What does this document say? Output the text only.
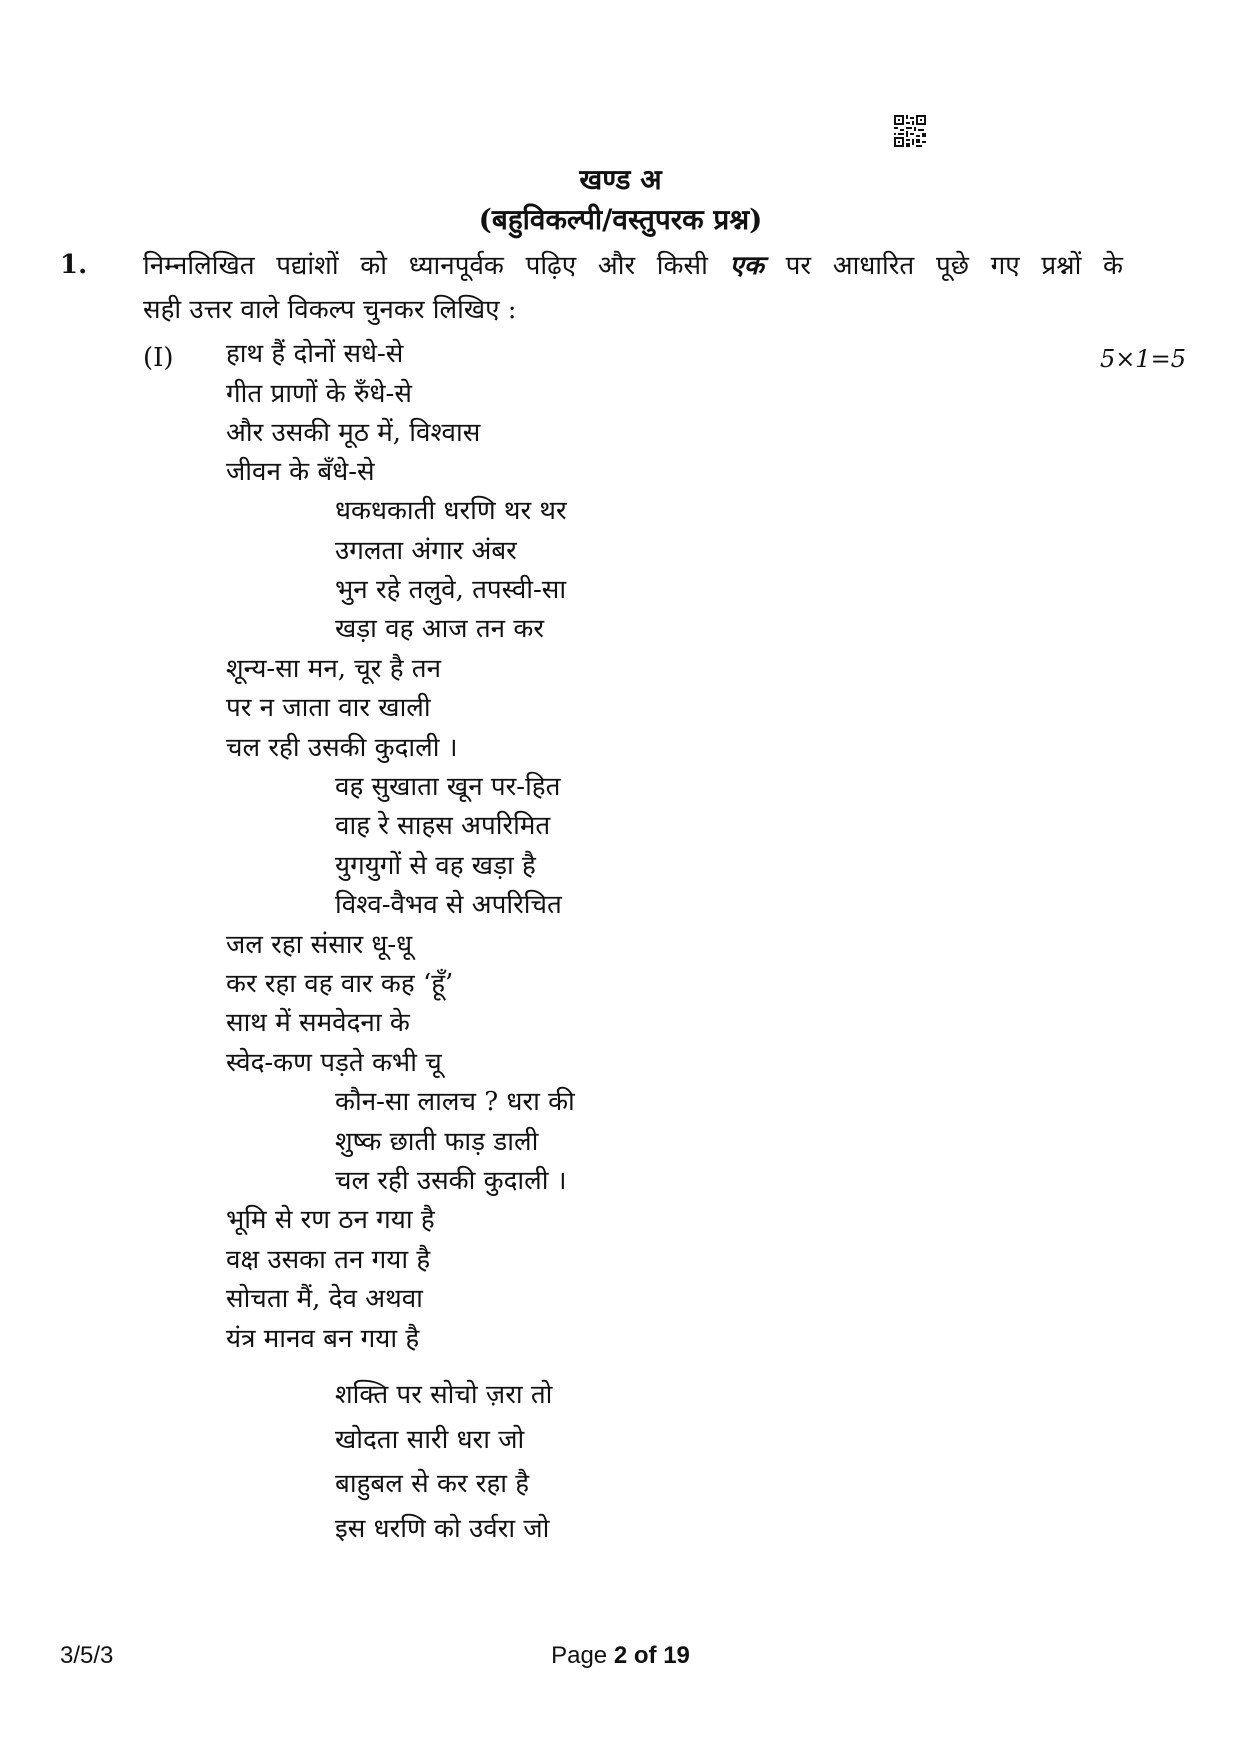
खण्ड अ
(बहुविकल्पी/वस्तुपरक प्रश्न)
1. निम्नलिखित पद्यांशों को ध्यानपूर्वक पढ़िए और किसी एक पर आधारित पूछे गए प्रश्नों के
सही उत्तर वाले विकल्प चुनकर लिखिए :
(I)	5×1=5
हाथ हैं दोनों सधे-से
गीत प्राणों के रुँधे-से
और उसकी मूठ में, विश्वास
जीवन के बँधे-से
धकधकाती धरणि थर थर
उगलता अंगार अंबर
भुन रहे तलुवे, तपस्वी-सा
खड़ा वह आज तन कर
शून्य-सा मन, चूर है तन
पर न जाता वार खाली
चल रही उसकी कुदाली ।
वह सुखाता खून पर-हित
वाह रे साहस अपरिमित
युगयुगों से वह खड़ा है
विश्व-वैभव से अपरिचित
जल रहा संसार धू-धू
कर रहा वह वार कह ‘हूँ’
साथ में समवेदना के
स्वेद-कण पड़ते कभी चू
कौन-सा लालच ? धरा की
शुष्क छाती फाड़ डाली
चल रही उसकी कुदाली ।
भूमि से रण ठन गया है
वक्ष उसका तन गया है
सोचता मैं, देव अथवा
यंत्र मानव बन गया है
शक्ति पर सोचो ज़रा तो
खोदता सारी धरा जो
बाहुबल से कर रहा है
इस धरणि को उर्वरा जो
3/5/3	Page 2 of 19
